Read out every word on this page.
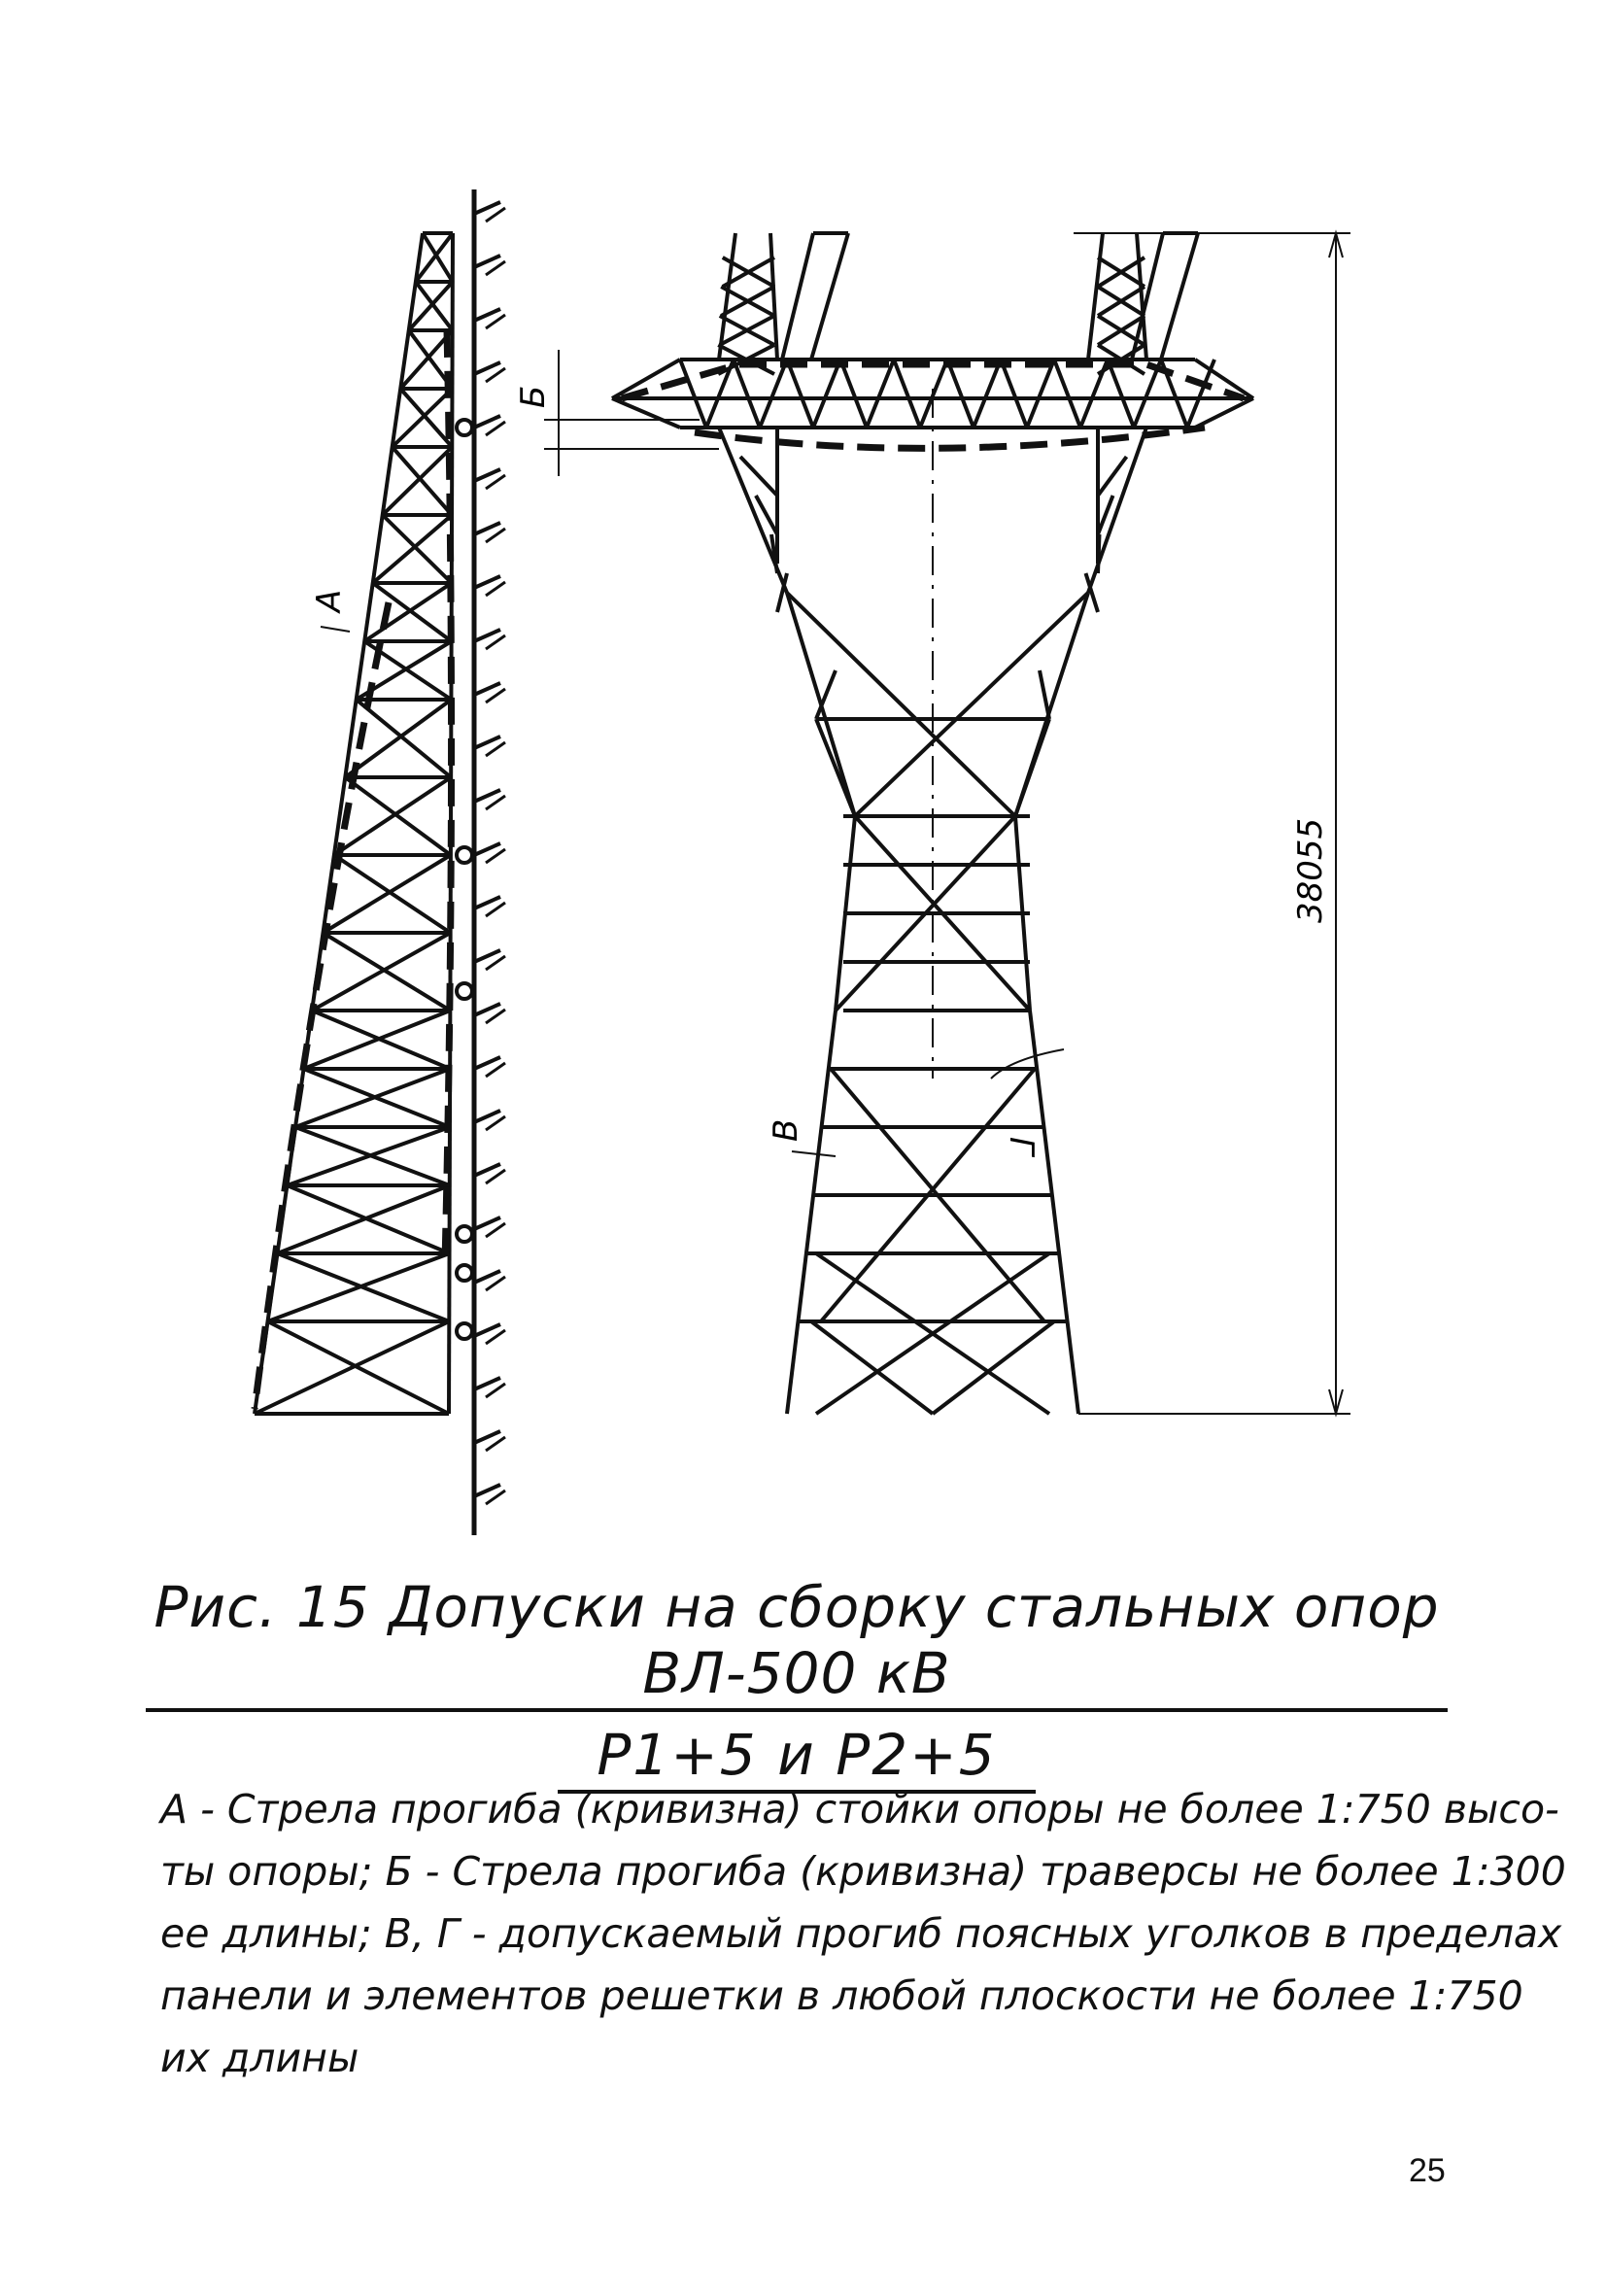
А
Б
В
Г
38055
Рис. 15 Допуски на сборку стальных опор ВЛ-500 кВ
Р1+5 и Р2+5
А - Стрела прогиба (кривизна) стойки опоры не более 1:750 высо-
ты опоры; Б - Стрела прогиба (кривизна) траверсы не более 1:300
ее длины; В, Г - допускаемый прогиб поясных уголков в пределах
панели и элементов решетки в любой плоскости не более 1:750
их длины
25
